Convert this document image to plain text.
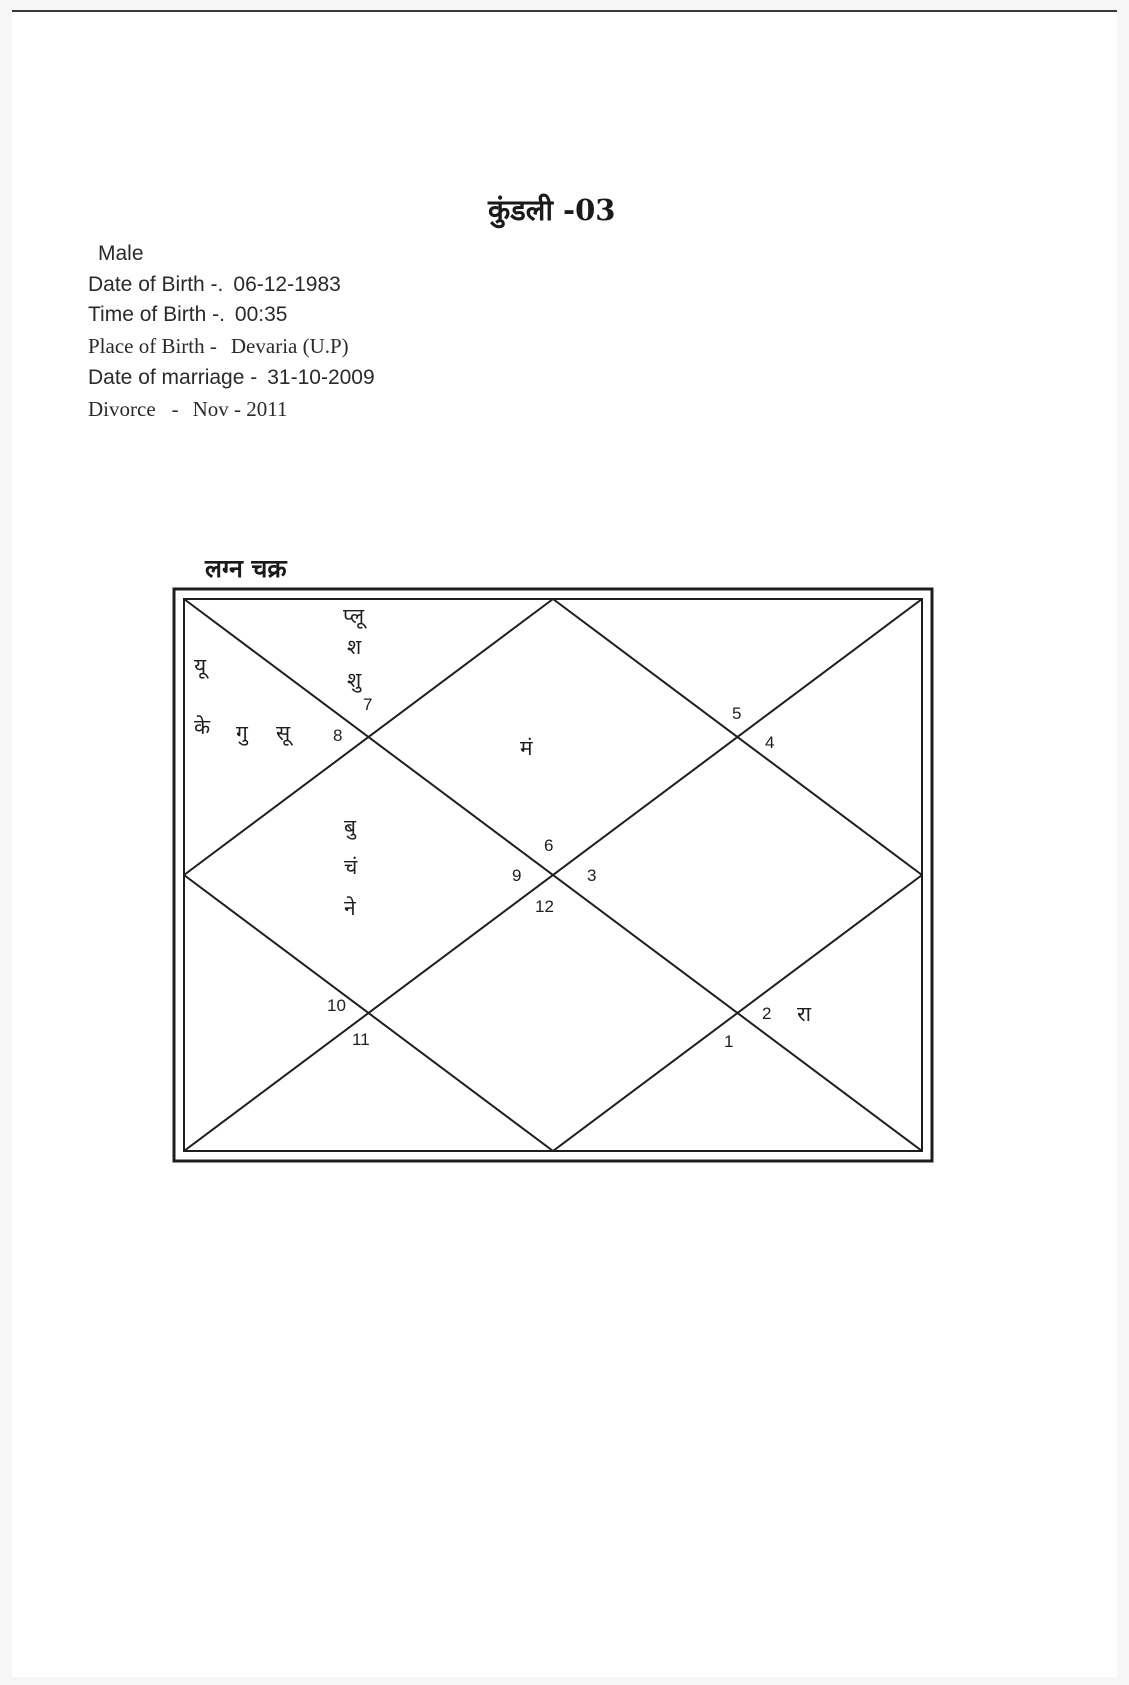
कुंडली -03
Male
Date of Birth -. 06-12-1983
Time of Birth -. 00:35
Place of Birth - Devaria (U.P)
Date of marriage - 31-10-2009
Divorce - Nov - 2011
लग्न चक्र
7
8
5
4
6
9	3
12
10
11
2
1
प्लू
श
शु
यू
के गु सू
मं
बु
चं
ने
रा
